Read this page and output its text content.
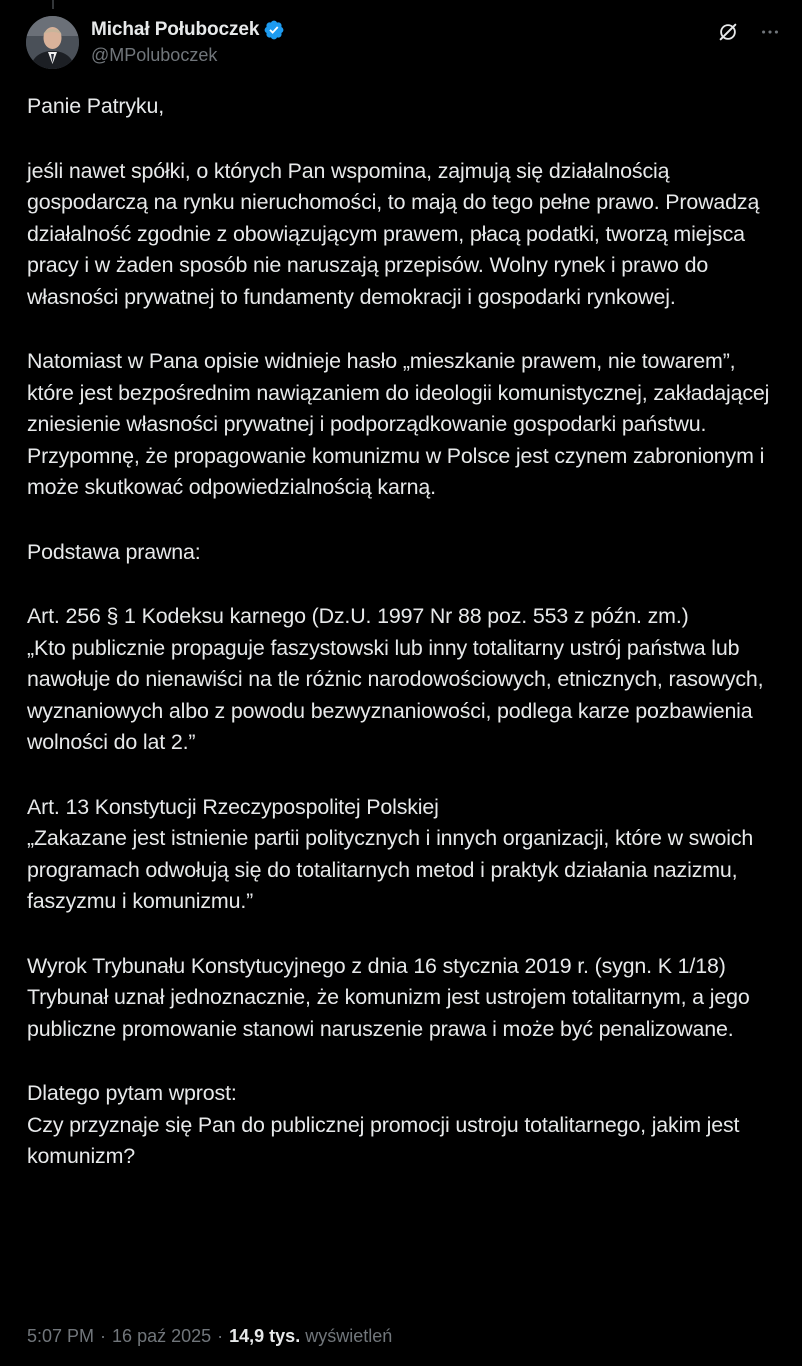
Michał Połuboczek
@MPoluboczek

Panie Patryku,

jeśli nawet spółki, o których Pan wspomina, zajmują się działalnością gospodarczą na rynku nieruchomości, to mają do tego pełne prawo. Prowadzą działalność zgodnie z obowiązującym prawem, płacą podatki, tworzą miejsca pracy i w żaden sposób nie naruszają przepisów. Wolny rynek i prawo do własności prywatnej to fundamenty demokracji i gospodarki rynkowej.

Natomiast w Pana opisie widnieje hasło „mieszkanie prawem, nie towarem”, które jest bezpośrednim nawiązaniem do ideologii komunistycznej, zakładającej zniesienie własności prywatnej i podporządkowanie gospodarki państwu. Przypomnę, że propagowanie komunizmu w Polsce jest czynem zabronionym i może skutkować odpowiedzialnością karną.

Podstawa prawna:

Art. 256 § 1 Kodeksu karnego (Dz.U. 1997 Nr 88 poz. 553 z późn. zm.)
„Kto publicznie propaguje faszystowski lub inny totalitarny ustrój państwa lub nawołuje do nienawiści na tle różnic narodowościowych, etnicznych, rasowych, wyznaniowych albo z powodu bezwyznaniowości, podlega karze pozbawienia wolności do lat 2.”

Art. 13 Konstytucji Rzeczypospolitej Polskiej
„Zakazane jest istnienie partii politycznych i innych organizacji, które w swoich programach odwołują się do totalitarnych metod i praktyk działania nazizmu, faszyzmu i komunizmu.”

Wyrok Trybunału Konstytucyjnego z dnia 16 stycznia 2019 r. (sygn. K 1/18)
Trybunał uznał jednoznacznie, że komunizm jest ustrojem totalitarnym, a jego publiczne promowanie stanowi naruszenie prawa i może być penalizowane.

Dlatego pytam wprost:
Czy przyznaje się Pan do publicznej promocji ustroju totalitarnego, jakim jest komunizm?

5:07 PM · 16 paź 2025 · 14,9 tys. wyświetleń
